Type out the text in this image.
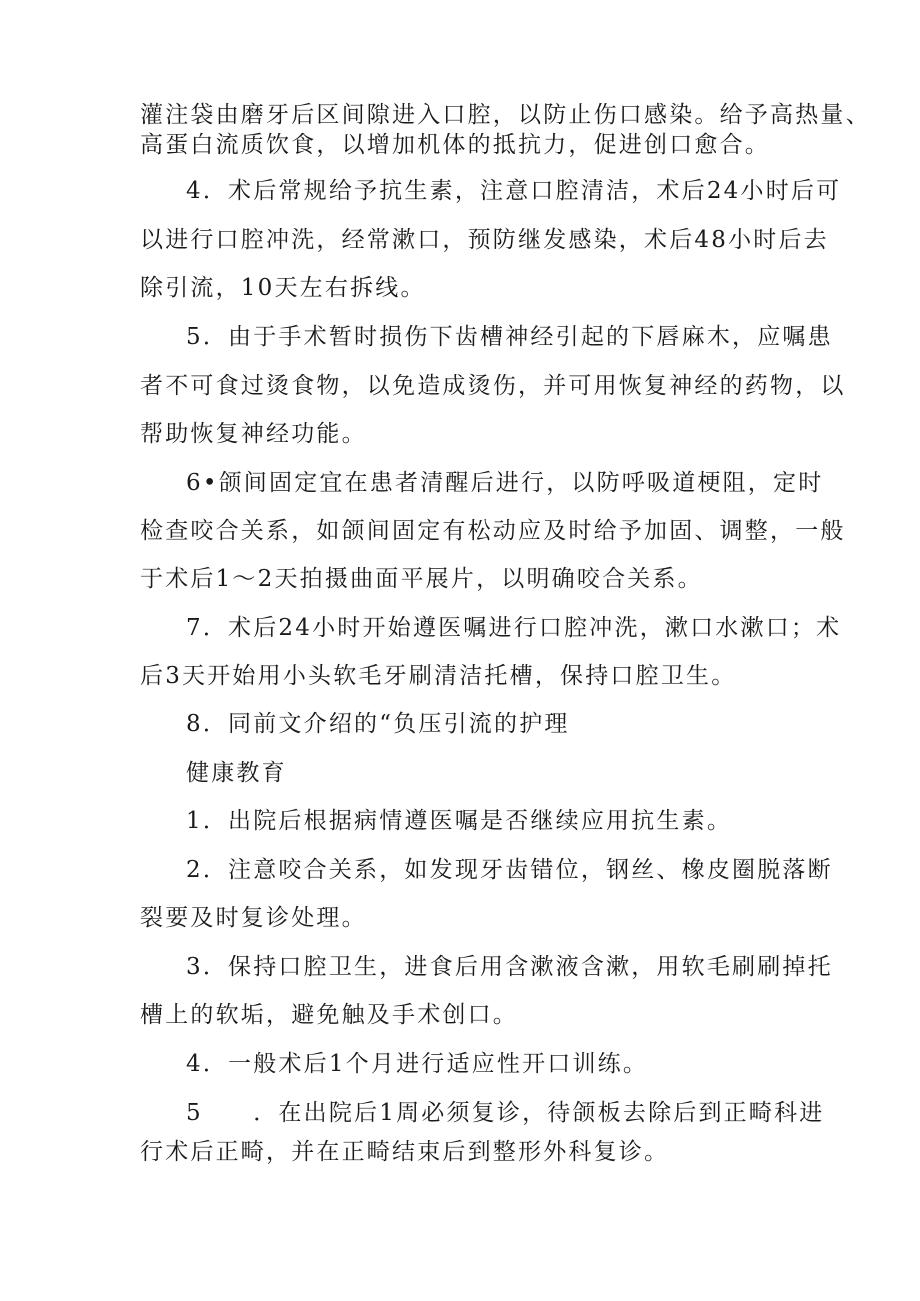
灌注袋由磨牙后区间隙进入口腔，以防止伤口感染。给予高热量、
高蛋白流质饮食，以增加机体的抵抗力，促进创口愈合。
4．术后常规给予抗生素，注意口腔清洁，术后24小时后可
以进行口腔冲洗，经常漱口，预防继发感染，术后48小时后去
除引流，10天左右拆线。
5．由于手术暂时损伤下齿槽神经引起的下唇麻木，应嘱患
者不可食过烫食物，以免造成烫伤，并可用恢复神经的药物，以
帮助恢复神经功能。
6•颌间固定宜在患者清醒后进行，以防呼吸道梗阻，定时
检查咬合关系，如颌间固定有松动应及时给予加固、调整，一般
于术后1～2天拍摄曲面平展片，以明确咬合关系。
7．术后24小时开始遵医嘱进行口腔冲洗，漱口水漱口；术
后3天开始用小头软毛牙刷清洁托槽，保持口腔卫生。
8．同前文介绍的“负压引流的护理
健康教育
1．出院后根据病情遵医嘱是否继续应用抗生素。
2．注意咬合关系，如发现牙齿错位，钢丝、橡皮圈脱落断
裂要及时复诊处理。
3．保持口腔卫生，进食后用含漱液含漱，用软毛刷刷掉托
槽上的软垢，避免触及手术创口。
4．一般术后1个月进行适应性开口训练。
5　　．在出院后1周必须复诊，待颌板去除后到正畸科进
行术后正畸，并在正畸结束后到整形外科复诊。
